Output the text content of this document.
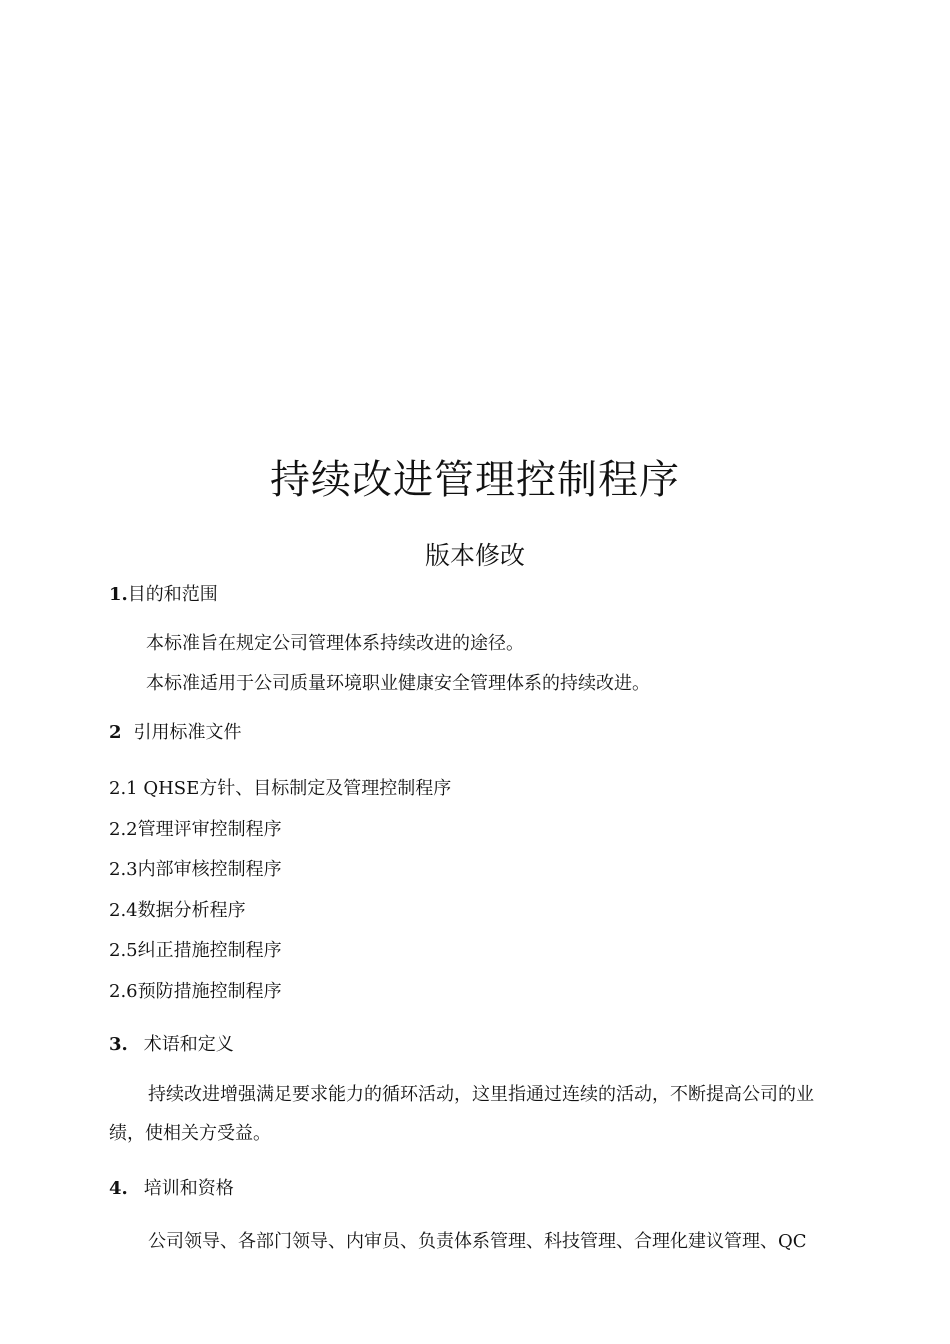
持续改进管理控制程序
版本修改
1.目的和范围
本标准旨在规定公司管理体系持续改进的途径。
本标准适用于公司质量环境职业健康安全管理体系的持续改进。
2 引用标准文件
2.1 QHSE方针、目标制定及管理控制程序
2.2管理评审控制程序
2.3内部审核控制程序
2.4数据分析程序
2.5纠正措施控制程序
2.6预防措施控制程序
3. 术语和定义
持续改进增强满足要求能力的循环活动，这里指通过连续的活动，不断提高公司的业
绩，使相关方受益。
4. 培训和资格
公司领导、各部门领导、内审员、负责体系管理、科技管理、合理化建议管理、QC
